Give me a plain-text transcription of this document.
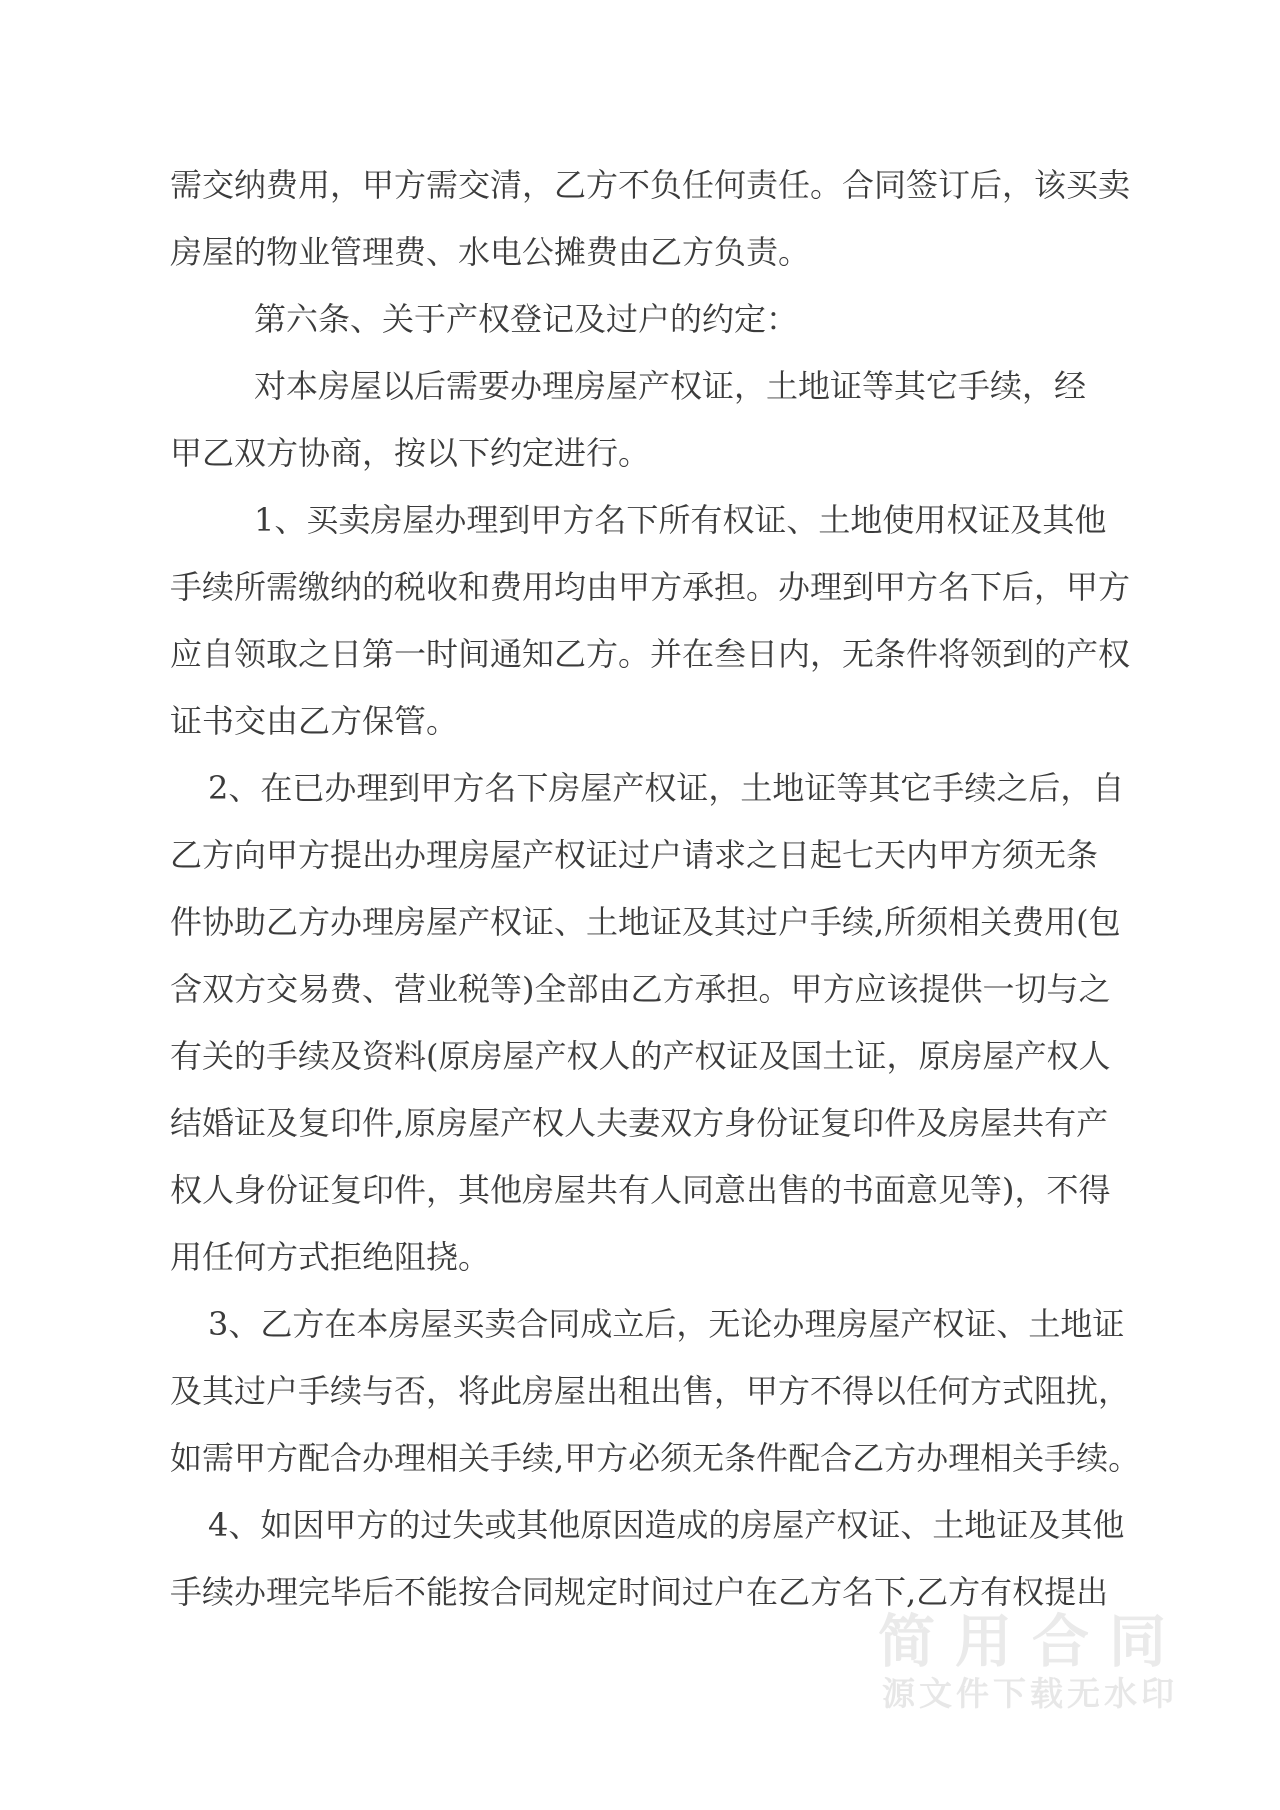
需交纳费用，甲方需交清，乙方不负任何责任。合同签订后，该买卖
房屋的物业管理费、水电公摊费由乙方负责。
第六条、关于产权登记及过户的约定：
对本房屋以后需要办理房屋产权证，土地证等其它手续，经
甲乙双方协商，按以下约定进行。
1、买卖房屋办理到甲方名下所有权证、土地使用权证及其他
手续所需缴纳的税收和费用均由甲方承担。办理到甲方名下后，甲方
应自领取之日第一时间通知乙方。并在叁日内，无条件将领到的产权
证书交由乙方保管。
2、在已办理到甲方名下房屋产权证，土地证等其它手续之后，自
乙方向甲方提出办理房屋产权证过户请求之日起七天内甲方须无条
件协助乙方办理房屋产权证、土地证及其过户手续,所须相关费用(包
含双方交易费、营业税等)全部由乙方承担。甲方应该提供一切与之
有关的手续及资料(原房屋产权人的产权证及国土证，原房屋产权人
结婚证及复印件,原房屋产权人夫妻双方身份证复印件及房屋共有产
权人身份证复印件，其他房屋共有人同意出售的书面意见等)，不得
用任何方式拒绝阻挠。
3、乙方在本房屋买卖合同成立后，无论办理房屋产权证、土地证
及其过户手续与否，将此房屋出租出售，甲方不得以任何方式阻扰，
如需甲方配合办理相关手续,甲方必须无条件配合乙方办理相关手续。
4、如因甲方的过失或其他原因造成的房屋产权证、土地证及其他
手续办理完毕后不能按合同规定时间过户在乙方名下,乙方有权提出
简用合同
源文件下载无水印
